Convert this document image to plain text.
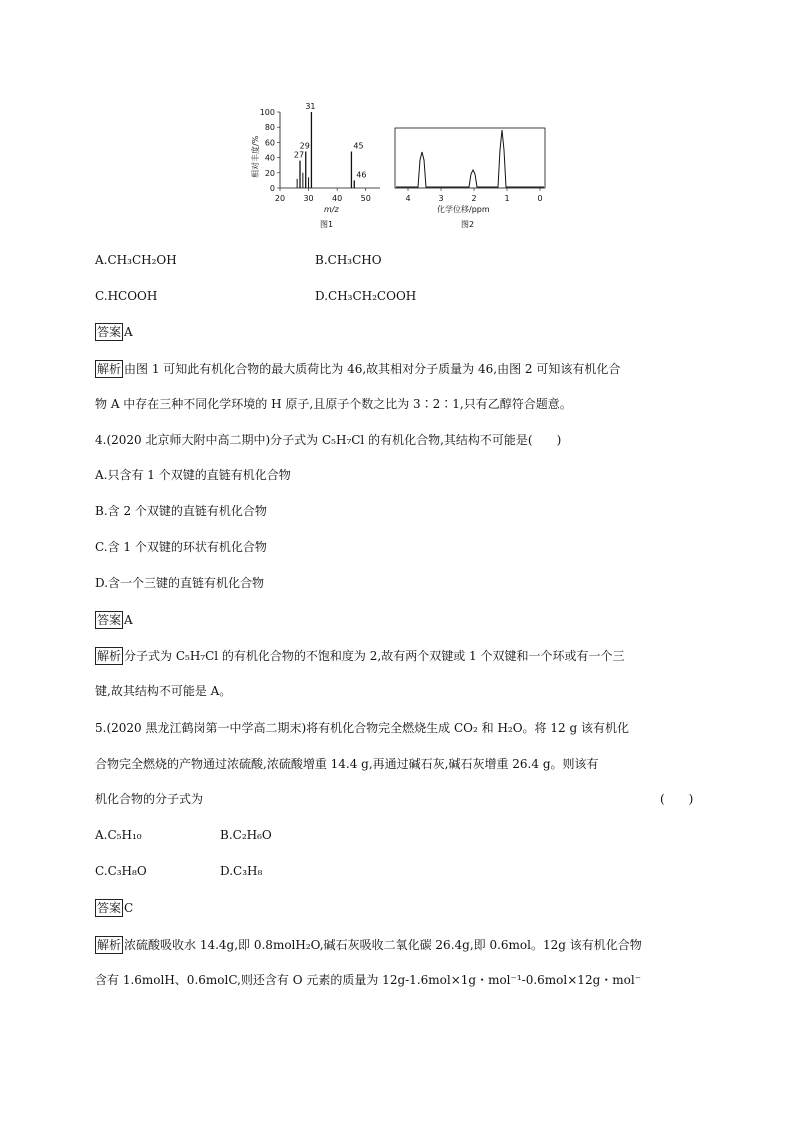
相对丰度/%
100
80
60
40
20
0
20 30 40 50
27
29
31
45
46
m/z
图1
4	3	2	1	0
化学位移/ppm
图2
A.CH₃CH₂OH	B.CH₃CHO
C.HCOOH	D.CH₃CH₂COOH
答案 A
解析 由图 1 可知此有机化合物的最大质荷比为 46,故其相对分子质量为 46,由图 2 可知该有机化合
物 A 中存在三种不同化学环境的 H 原子,且原子个数之比为 3∶2∶1,只有乙醇符合题意。
4.(2020 北京师大附中高二期中)分子式为 C₅H₇Cl 的有机化合物,其结构不可能是(　　)
A.只含有 1 个双键的直链有机化合物
B.含 2 个双键的直链有机化合物
C.含 1 个双键的环状有机化合物
D.含一个三键的直链有机化合物
答案 A
解析 分子式为 C₅H₇Cl 的有机化合物的不饱和度为 2,故有两个双键或 1 个双键和一个环或有一个三
键,故其结构不可能是 A。
5.(2020 黑龙江鹤岗第一中学高二期末)将有机化合物完全燃烧生成 CO₂ 和 H₂O。将 12 g 该有机化
合物完全燃烧的产物通过浓硫酸,浓硫酸增重 14.4 g,再通过碱石灰,碱石灰增重 26.4 g。则该有
机化合物的分子式为	(　　)
A.C₅H₁₀	B.C₂H₆O
C.C₃H₈O	D.C₃H₈
答案 C
解析 浓硫酸吸收水 14.4g,即 0.8molH₂O,碱石灰吸收二氧化碳 26.4g,即 0.6mol。12g 该有机化合物
含有 1.6molH、0.6molC,则还含有 O 元素的质量为 12g-1.6mol×1g・mol⁻¹-0.6mol×12g・mol⁻
